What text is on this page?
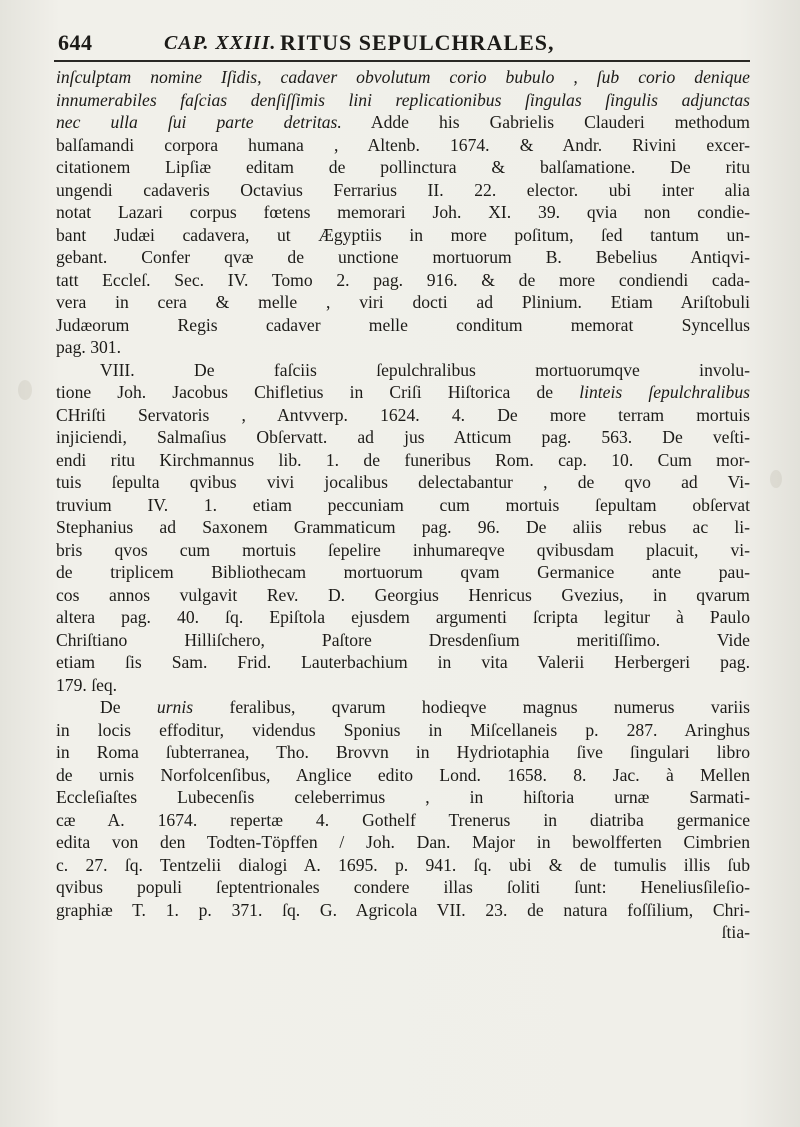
644	CAP. XXIII. RITUS SEPULCHRALES,
inſculptam nomine Iſidis, cadaver obvolutum corio bubulo , ſub corio denique
innumerabiles faſcias denſiſſimis lini replicationibus ſingulas ſingulis adjunctas
nec ulla ſui parte detritas. Adde his Gabrielis Clauderi methodum
balſamandi corpora humana , Altenb. 1674. & Andr. Rivini excer-
citationem Lipſiæ editam de pollinctura & balſamatione. De ritu
ungendi cadaveris Octavius Ferrarius II. 22. elector. ubi inter alia
notat Lazari corpus fœtens memorari Joh. XI. 39. qvia non condie-
bant Judæi cadavera, ut Ægyptiis in more poſitum, ſed tantum un-
gebant. Confer qvæ de unctione mortuorum B. Bebelius Antiqvi-
tatt Eccleſ. Sec. IV. Tomo 2. pag. 916. & de more condiendi cada-
vera in cera & melle , viri docti ad Plinium. Etiam Ariſtobuli
Judæorum Regis cadaver melle conditum memorat Syncellus
pag. 301.
VIII. De faſciis ſepulchralibus mortuorumqve involu-
tione Joh. Jacobus Chifletius in Criſi Hiſtorica de linteis ſepulchralibus
CHriſti Servatoris , Antvverp. 1624. 4. De more terram mortuis
injiciendi, Salmaſius Obſervatt. ad jus Atticum pag. 563. De veſti-
endi ritu Kirchmannus lib. 1. de funeribus Rom. cap. 10. Cum mor-
tuis ſepulta qvibus vivi jocalibus delectabantur , de qvo ad Vi-
truvium IV. 1. etiam peccuniam cum mortuis ſepultam obſervat
Stephanius ad Saxonem Grammaticum pag. 96. De aliis rebus ac li-
bris qvos cum mortuis ſepelire inhumareqve qvibusdam placuit, vi-
de triplicem Bibliothecam mortuorum qvam Germanice ante pau-
cos annos vulgavit Rev. D. Georgius Henricus Gvezius, in qvarum
altera pag. 40. ſq. Epiſtola ejusdem argumenti ſcripta legitur à Paulo
Chriſtiano Hilliſchero, Paſtore Dresdenſium meritiſſimo. Vide
etiam ſis Sam. Frid. Lauterbachium in vita Valerii Herbergeri pag.
179. ſeq.
De urnis feralibus, qvarum hodieqve magnus numerus variis
in locis effoditur, videndus Sponius in Miſcellaneis p. 287. Aringhus
in Roma ſubterranea, Tho. Brovvn in Hydriotaphia ſive ſingulari libro
de urnis Norfolcenſibus, Anglice edito Lond. 1658. 8. Jac. à Mellen
Eccleſiaſtes Lubecenſis celeberrimus , in hiſtoria urnæ Sarmati-
cæ A. 1674. repertæ 4. Gothelf Trenerus in diatriba germanice
edita von den Todten-Töpffen / Joh. Dan. Major in bewolfferten Cimbrien
c. 27. ſq. Tentzelii dialogi A. 1695. p. 941. ſq. ubi & de tumulis illis ſub
qvibus populi ſeptentrionales condere illas ſoliti ſunt: Heneliusſileſio-
graphiæ T. 1. p. 371. ſq. G. Agricola VII. 23. de natura foſſilium, Chri-
ſtia-
